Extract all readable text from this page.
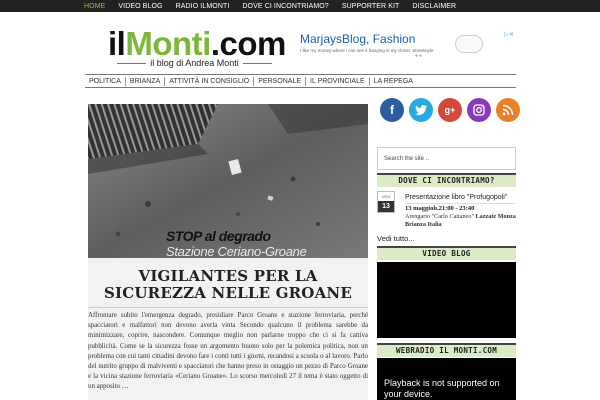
HOME VIDEO BLOG RADIO ILMONTI DOVE CI INCONTRIAMO? SUPPORTER KIT DISCLAIMER
ilMonti.com
il blog di Andrea Monti
MarjaysBlog, Fashion
I like my money where i can see it hanging in my closet. Streetstyle
●●
▷✕
POLITICA	BRIANZA	ATTIVITÀ IN CONSIGLIO	PERSONALE	IL PROVINCIALE	LA REPEGA
STOP al degrado
Stazione Ceriano-Groane
VIGILANTES PER LA SICUREZZA NELLE GROANE
Affrontare subito l'emergenza degrado, presidiare Parco Groane e stazione ferroviaria, perché spacciatori e malfattori non devono averla vinta Secondo qualcuno il problema sarebbe da minimizzare, coprire, nascondere. Comunque meglio non parlarne troppo che ci si fa cattiva pubblicità. Come se la sicurezza fosse un argomento buono solo per la polemica politica, non un problema con cui tanti cittadini devono fare i conti tutti i giorni, recandosi a scuola o al lavoro. Parlo del nutrito gruppo di malviventi e spacciatori che hanno preso in ostaggio un pezzo di Parco Groane e la vicina stazione ferroviaria «Ceriano Groane». Lo scorso mercoledì 27 il tema è stato oggetto di un apposito …
f	g+
Search the site ..
DOVE CI INCONTRIAMO?
VEN
13
Presentazione libro "Profugopoli"
13 maggioh.21:00 - 23:40
Arengario "Carlo Cattaneo" Lazzate Monza Brianza Italia
Vedi tutto...
VIDEO BLOG
WEBRADIO IL MONTI.COM
Playback is not supported on your device.
